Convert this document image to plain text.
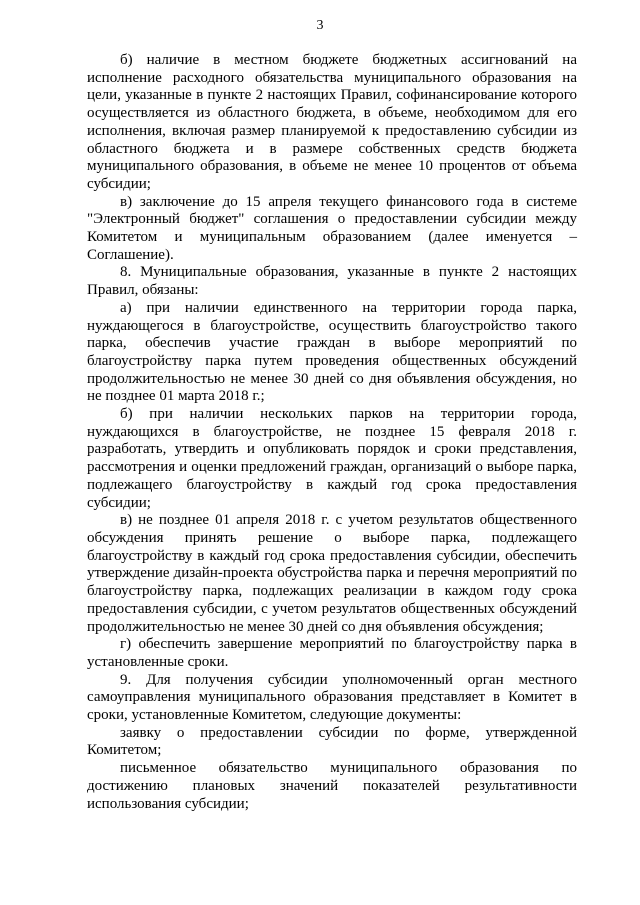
3

б) наличие в местном бюджете бюджетных ассигнований на исполнение расходного обязательства муниципального образования на цели, указанные в пункте 2 настоящих Правил, софинансирование которого осуществляется из областного бюджета, в объеме, необходимом для его исполнения, включая размер планируемой к предоставлению субсидии из областного бюджета и в размере собственных средств бюджета муниципального образования, в объеме не менее 10 процентов от объема субсидии;

в) заключение до 15 апреля текущего финансового года в системе "Электронный бюджет" соглашения о предоставлении субсидии между Комитетом и муниципальным образованием (далее именуется – Соглашение).

8. Муниципальные образования, указанные в пункте 2 настоящих Правил, обязаны:

а) при наличии единственного на территории города парка, нуждающегося в благоустройстве, осуществить благоустройство такого парка, обеспечив участие граждан в выборе мероприятий по благоустройству парка путем проведения общественных обсуждений продолжительностью не менее 30 дней со дня объявления обсуждения, но не позднее 01 марта 2018 г.;

б) при наличии нескольких парков на территории города, нуждающихся в благоустройстве, не позднее 15 февраля 2018 г. разработать, утвердить и опубликовать порядок и сроки представления, рассмотрения и оценки предложений граждан, организаций о выборе парка, подлежащего благоустройству в каждый год срока предоставления субсидии;

в) не позднее 01 апреля 2018 г. с учетом результатов общественного обсуждения принять решение о выборе парка, подлежащего благоустройству в каждый год срока предоставления субсидии, обеспечить утверждение дизайн-проекта обустройства парка и перечня мероприятий по благоустройству парка, подлежащих реализации в каждом году срока предоставления субсидии, с учетом результатов общественных обсуждений продолжительностью не менее 30 дней со дня объявления обсуждения;

г) обеспечить завершение мероприятий по благоустройству парка в установленные сроки.

9. Для получения субсидии уполномоченный орган местного самоуправления муниципального образования представляет в Комитет в сроки, установленные Комитетом, следующие документы:

заявку о предоставлении субсидии по форме, утвержденной Комитетом;

письменное обязательство муниципального образования по достижению плановых значений показателей результативности использования субсидии;
